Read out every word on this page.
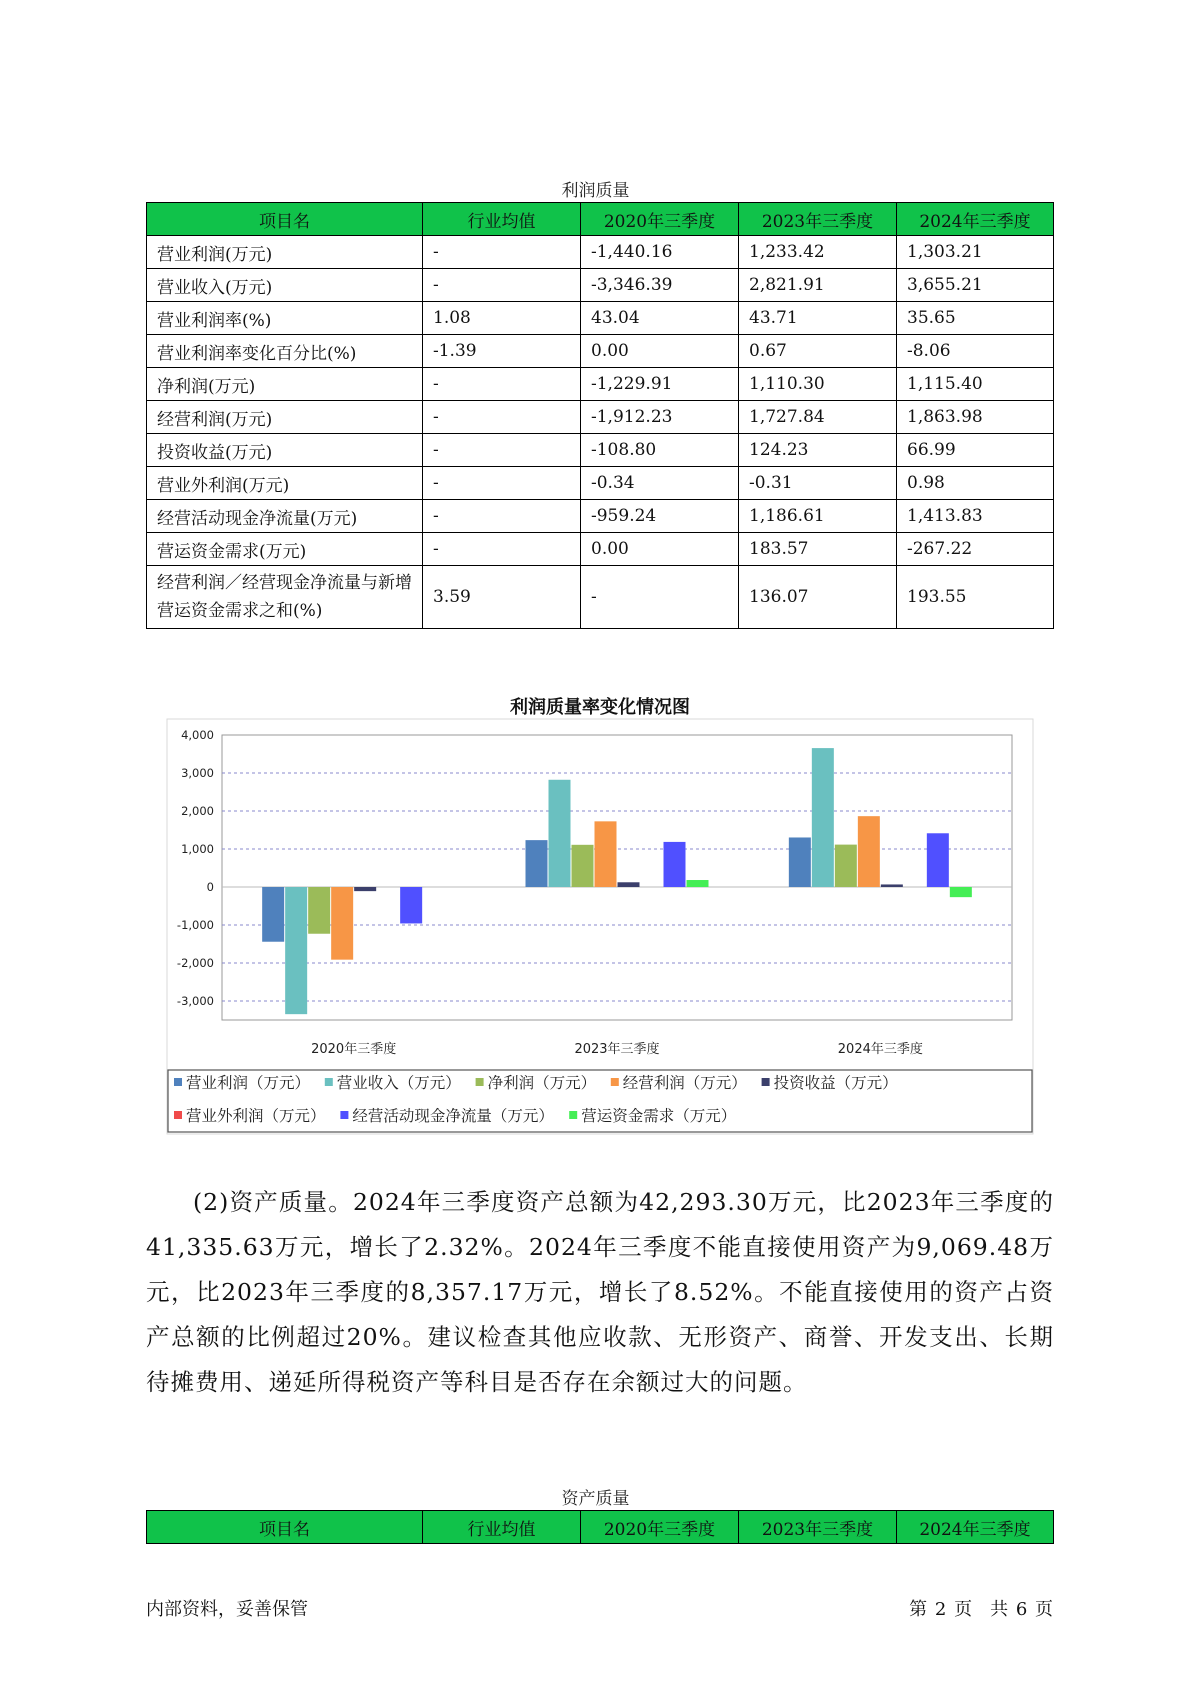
利润质量
项目名	行业均值	2020年三季度	2023年三季度	2024年三季度
营业利润(万元)	-	-1,440.16	1,233.42	1,303.21
营业收入(万元)	-	-3,346.39	2,821.91	3,655.21
营业利润率(%)	1.08	43.04	43.71	35.65
营业利润率变化百分比(%)	-1.39	0.00	0.67	-8.06
净利润(万元)	-	-1,229.91	1,110.30	1,115.40
经营利润(万元)	-	-1,912.23	1,727.84	1,863.98
投资收益(万元)	-	-108.80	124.23	66.99
营业外利润(万元)	-	-0.34	-0.31	0.98
经营活动现金净流量(万元)	-	-959.24	1,186.61	1,413.83
营运资金需求(万元)	-	0.00	183.57	-267.22
经营利润／经营现金净流量与新增营运资金需求之和(%)	3.59	-	136.07	193.55
利润质量率变化情况图
4,000
3,000
2,000
1,000
0
-1,000
-2,000
-3,000
2020年三季度	2023年三季度	2024年三季度
营业利润（万元） 营业收入（万元） 净利润（万元） 经营利润（万元） 投资收益（万元）
营业外利润（万元） 经营活动现金净流量（万元） 营运资金需求（万元）

(2)资产质量。2024年三季度资产总额为42,293.30万元，比2023年三季度的41,335.63万元，增长了2.32%。2024年三季度不能直接使用资产为9,069.48万元，比2023年三季度的8,357.17万元，增长了8.52%。不能直接使用的资产占资产总额的比例超过20%。建议检查其他应收款、无形资产、商誉、开发支出、长期待摊费用、递延所得税资产等科目是否存在余额过大的问题。

资产质量
项目名	行业均值	2020年三季度	2023年三季度	2024年三季度
内部资料，妥善保管	第 2 页　共 6 页
